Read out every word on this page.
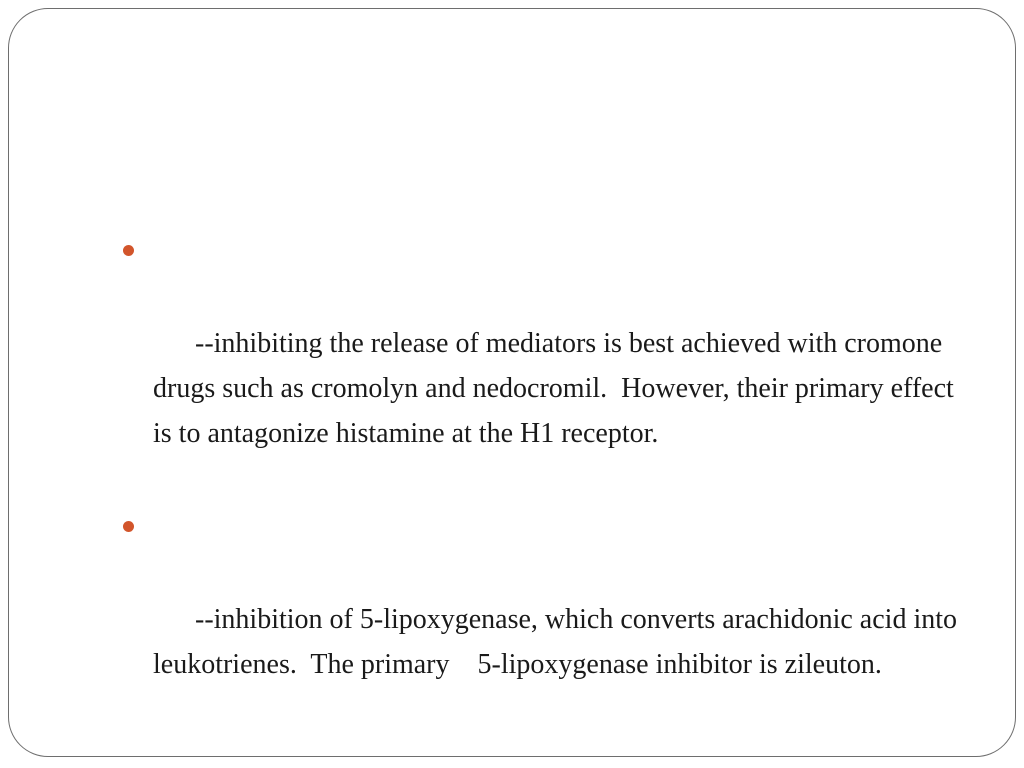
--inhibiting the release of mediators is best achieved with cromone drugs such as cromolyn and nedocromil.  However, their primary effect is to antagonize histamine at the H1 receptor.

--inhibition of 5-lipoxygenase, which converts arachidonic acid into leukotrienes.  The primary    5-lipoxygenase inhibitor is zileuton.
